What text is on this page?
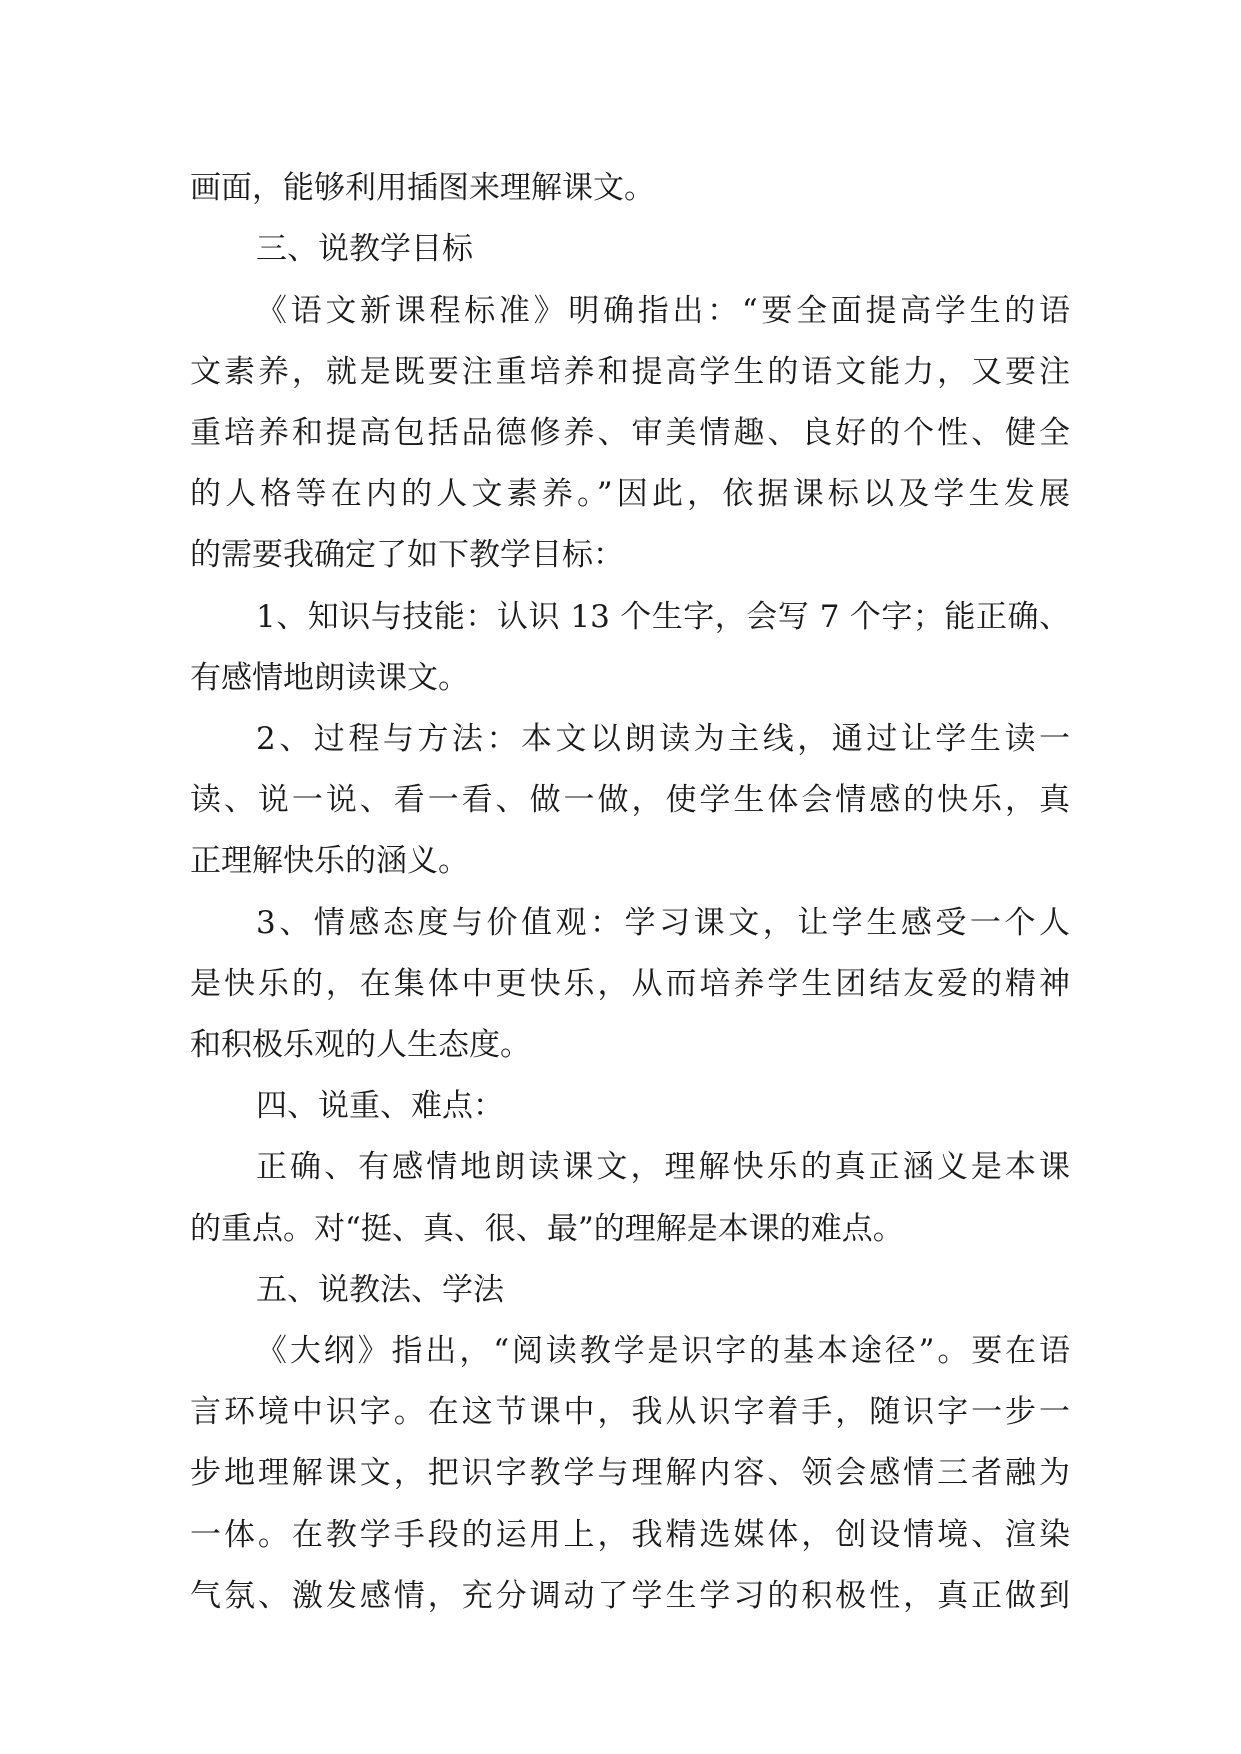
画面，能够利用插图来理解课文。
三、说教学目标
《语文新课程标准》明确指出：“要全面提高学生的语
文素养，就是既要注重培养和提高学生的语文能力，又要注
重培养和提高包括品德修养、审美情趣、良好的个性、健全
的人格等在内的人文素养。”因此，依据课标以及学生发展
的需要我确定了如下教学目标：
1、知识与技能：认识 13 个生字，会写 7 个字；能正确、
有感情地朗读课文。
2、过程与方法：本文以朗读为主线，通过让学生读一
读、说一说、看一看、做一做，使学生体会情感的快乐，真
正理解快乐的涵义。
3、情感态度与价值观：学习课文，让学生感受一个人
是快乐的，在集体中更快乐，从而培养学生团结友爱的精神
和积极乐观的人生态度。
四、说重、难点：
正确、有感情地朗读课文，理解快乐的真正涵义是本课
的重点。对“挺、真、很、最”的理解是本课的难点。
五、说教法、学法
《大纲》指出，“阅读教学是识字的基本途径”。要在语
言环境中识字。在这节课中，我从识字着手，随识字一步一
步地理解课文，把识字教学与理解内容、领会感情三者融为
一体。在教学手段的运用上，我精选媒体，创设情境、渲染
气氛、激发感情，充分调动了学生学习的积极性，真正做到
